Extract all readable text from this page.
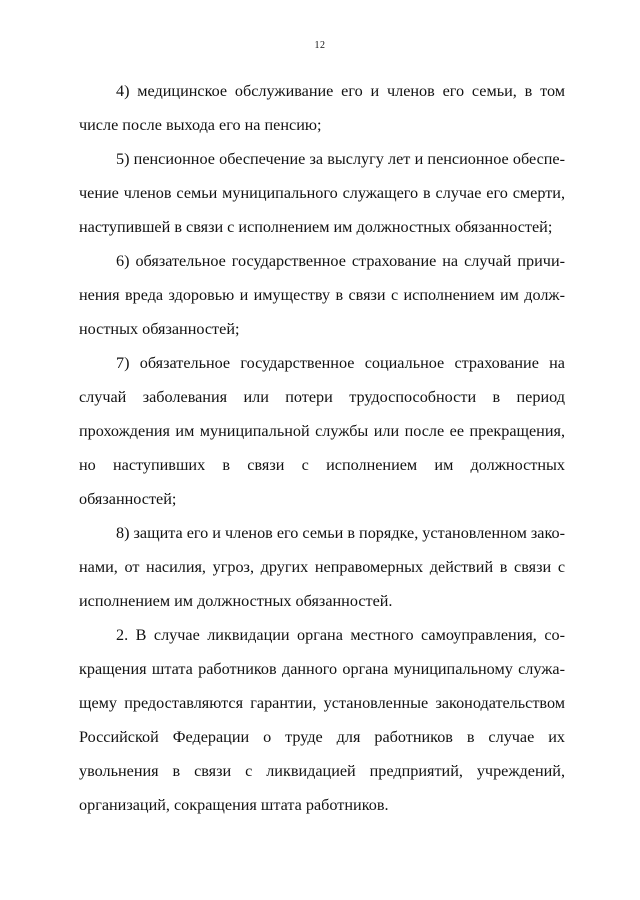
12

4) медицинское обслуживание его и членов его семьи, в том числе после выхода его на пенсию;

5) пенсионное обеспечение за выслугу лет и пенсионное обеспечение членов семьи муниципального служащего в случае его смерти, наступившей в связи с исполнением им должностных обязанностей;

6) обязательное государственное страхование на случай причинения вреда здоровью и имуществу в связи с исполнением им должностных обязанностей;

7) обязательное государственное социальное страхование на случай заболевания или потери трудоспособности в период прохождения им муниципальной службы или после ее прекращения, но наступивших в связи с исполнением им должностных обязанностей;

8) защита его и членов его семьи в порядке, установленном законами, от насилия, угроз, других неправомерных действий в связи с исполнением им должностных обязанностей.

2. В случае ликвидации органа местного самоуправления, сокращения штата работников данного органа муниципальному служащему предоставляются гарантии, установленные законодательством Российской Федерации о труде для работников в случае их увольнения в связи с ликвидацией предприятий, учреждений, организаций, сокращения штата работников.
